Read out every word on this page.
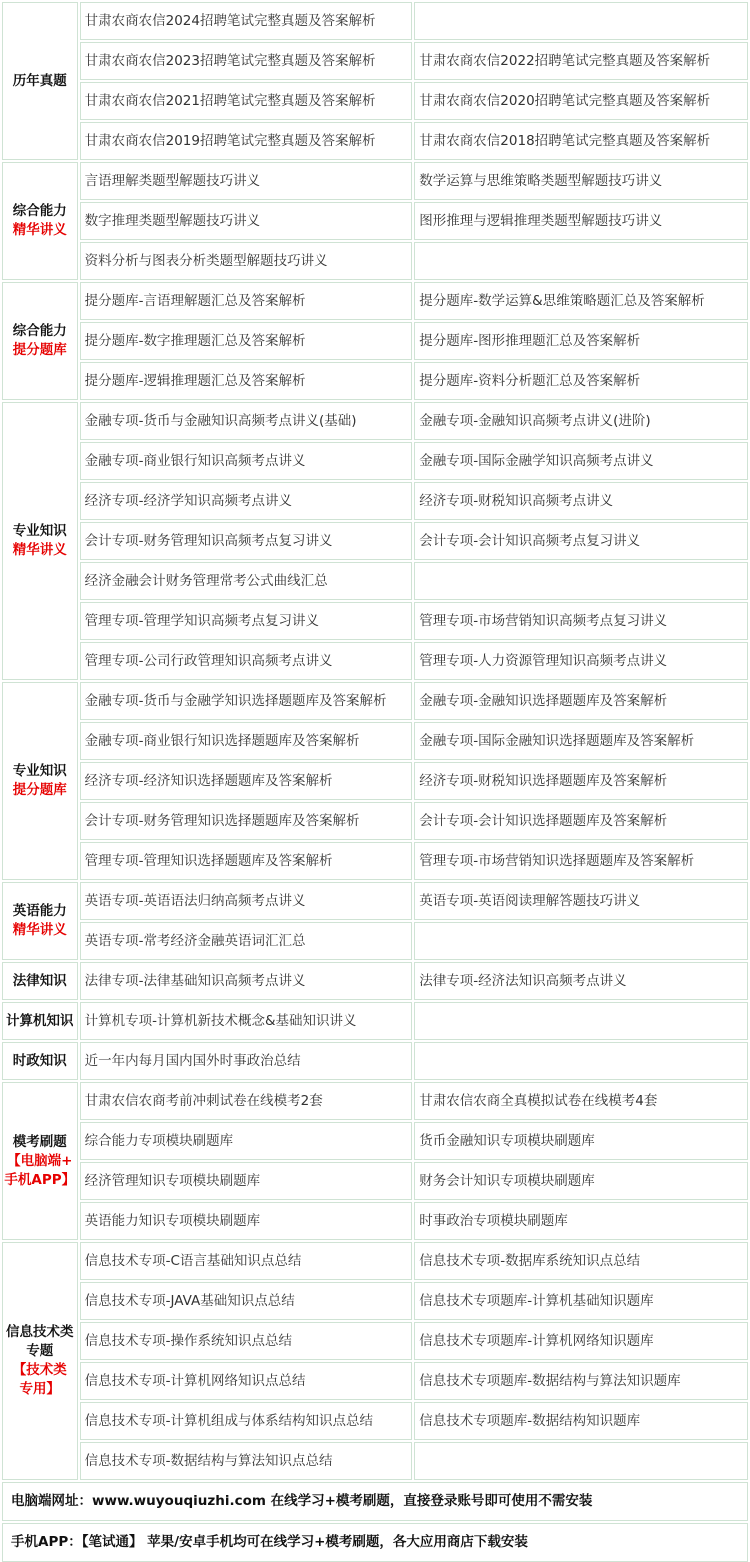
历年真题	甘肃农商农信2024招聘笔试完整真题及答案解析	
	甘肃农商农信2023招聘笔试完整真题及答案解析	甘肃农商农信2022招聘笔试完整真题及答案解析
	甘肃农商农信2021招聘笔试完整真题及答案解析	甘肃农商农信2020招聘笔试完整真题及答案解析
	甘肃农商农信2019招聘笔试完整真题及答案解析	甘肃农商农信2018招聘笔试完整真题及答案解析

综合能力
精华讲义	言语理解类题型解题技巧讲义	数学运算与思维策略类题型解题技巧讲义
	数字推理类题型解题技巧讲义	图形推理与逻辑推理类题型解题技巧讲义
	资料分析与图表分析类题型解题技巧讲义	

综合能力
提分题库	提分题库-言语理解题汇总及答案解析	提分题库-数学运算&思维策略题汇总及答案解析
	提分题库-数字推理题汇总及答案解析	提分题库-图形推理题汇总及答案解析
	提分题库-逻辑推理题汇总及答案解析	提分题库-资料分析题汇总及答案解析

专业知识
精华讲义	金融专项-货币与金融知识高频考点讲义(基础)	金融专项-金融知识高频考点讲义(进阶)
	金融专项-商业银行知识高频考点讲义	金融专项-国际金融学知识高频考点讲义
	经济专项-经济学知识高频考点讲义	经济专项-财税知识高频考点讲义
	会计专项-财务管理知识高频考点复习讲义	会计专项-会计知识高频考点复习讲义
	经济金融会计财务管理常考公式曲线汇总	
	管理专项-管理学知识高频考点复习讲义	管理专项-市场营销知识高频考点复习讲义
	管理专项-公司行政管理知识高频考点讲义	管理专项-人力资源管理知识高频考点讲义

专业知识
提分题库	金融专项-货币与金融学知识选择题题库及答案解析	金融专项-金融知识选择题题库及答案解析
	金融专项-商业银行知识选择题题库及答案解析	金融专项-国际金融知识选择题题库及答案解析
	经济专项-经济知识选择题题库及答案解析	经济专项-财税知识选择题题库及答案解析
	会计专项-财务管理知识选择题题库及答案解析	会计专项-会计知识选择题题库及答案解析
	管理专项-管理知识选择题题库及答案解析	管理专项-市场营销知识选择题题库及答案解析

英语能力
精华讲义	英语专项-英语语法归纳高频考点讲义	英语专项-英语阅读理解答题技巧讲义
	英语专项-常考经济金融英语词汇汇总	

法律知识	法律专项-法律基础知识高频考点讲义	法律专项-经济法知识高频考点讲义

计算机知识	计算机专项-计算机新技术概念&基础知识讲义	

时政知识	近一年内每月国内国外时事政治总结	

模考刷题
【电脑端+
手机APP】	甘肃农信农商考前冲刺试卷在线模考2套	甘肃农信农商全真模拟试卷在线模考4套
	综合能力专项模块刷题库	货币金融知识专项模块刷题库
	经济管理知识专项模块刷题库	财务会计知识专项模块刷题库
	英语能力知识专项模块刷题库	时事政治专项模块刷题库

信息技术类专题
【技术类
专用】	信息技术专项-C语言基础知识点总结	信息技术专项-数据库系统知识点总结
	信息技术专项-JAVA基础知识点总结	信息技术专项题库-计算机基础知识题库
	信息技术专项-操作系统知识点总结	信息技术专项题库-计算机网络知识题库
	信息技术专项-计算机网络知识点总结	信息技术专项题库-数据结构与算法知识题库
	信息技术专项-计算机组成与体系结构知识点总结	信息技术专项题库-数据结构知识题库
	信息技术专项-数据结构与算法知识点总结	
电脑端网址：www.wuyouqiuzhi.com 在线学习+模考刷题，直接登录账号即可使用不需安装
手机APP：【笔试通】 苹果/安卓手机均可在线学习+模考刷题，各大应用商店下载安装
